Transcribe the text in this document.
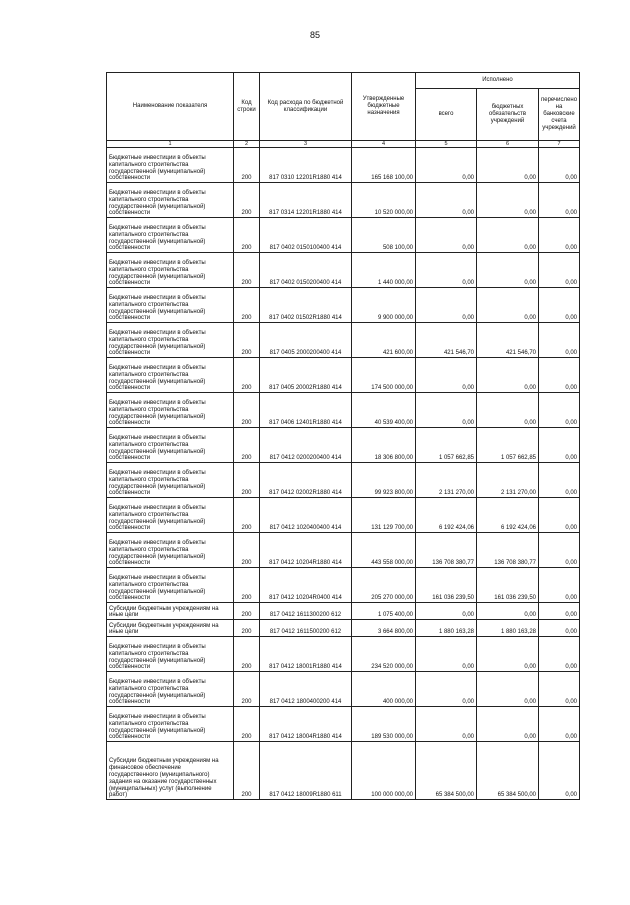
85
Наименование показателя	Код строки	Код расхода по бюджетной классификации	Утвержденные бюджетные назначения	Исполнено		
				всего	бюджетных обязательств учреждений	перечислено на банковские счета учреждений
1	2	3	4	5	6	7
Бюджетные инвестиции в объекты капитального строительства государственной (муниципальной) собственности	200	817 0310 12201R1880 414	165 168 100,00	0,00	0,00	0,00
Бюджетные инвестиции в объекты капитального строительства государственной (муниципальной) собственности	200	817 0314 12201R1880 414	10 520 000,00	0,00	0,00	0,00
Бюджетные инвестиции в объекты капитального строительства государственной (муниципальной) собственности	200	817 0402 0150100400 414	508 100,00	0,00	0,00	0,00
Бюджетные инвестиции в объекты капитального строительства государственной (муниципальной) собственности	200	817 0402 0150200400 414	1 440 000,00	0,00	0,00	0,00
Бюджетные инвестиции в объекты капитального строительства государственной (муниципальной) собственности	200	817 0402 01502R1880 414	9 900 000,00	0,00	0,00	0,00
Бюджетные инвестиции в объекты капитального строительства государственной (муниципальной) собственности	200	817 0405 2000200400 414	421 600,00	421 546,70	421 546,70	0,00
Бюджетные инвестиции в объекты капитального строительства государственной (муниципальной) собственности	200	817 0405 20002R1880 414	174 500 000,00	0,00	0,00	0,00
Бюджетные инвестиции в объекты капитального строительства государственной (муниципальной) собственности	200	817 0406 12401R1880 414	40 539 400,00	0,00	0,00	0,00
Бюджетные инвестиции в объекты капитального строительства государственной (муниципальной) собственности	200	817 0412 0200200400 414	18 306 800,00	1 057 662,85	1 057 662,85	0,00
Бюджетные инвестиции в объекты капитального строительства государственной (муниципальной) собственности	200	817 0412 02002R1880 414	99 923 800,00	2 131 270,00	2 131 270,00	0,00
Бюджетные инвестиции в объекты капитального строительства государственной (муниципальной) собственности	200	817 0412 1020400400 414	131 129 700,00	6 192 424,06	6 192 424,06	0,00
Бюджетные инвестиции в объекты капитального строительства государственной (муниципальной) собственности	200	817 0412 10204R1880 414	443 558 000,00	136 708 380,77	136 708 380,77	0,00
Бюджетные инвестиции в объекты капитального строительства государственной (муниципальной) собственности	200	817 0412 10204R0400 414	205 270 000,00	161 036 239,50	161 036 239,50	0,00
Субсидии бюджетным учреждениям на иные цели	200	817 0412 1611300200 612	1 075 400,00	0,00	0,00	0,00
Субсидии бюджетным учреждениям на иные цели	200	817 0412 1611500200 612	3 664 800,00	1 880 163,28	1 880 163,28	0,00
Бюджетные инвестиции в объекты капитального строительства государственной (муниципальной) собственности	200	817 0412 18001R1880 414	234 520 000,00	0,00	0,00	0,00
Бюджетные инвестиции в объекты капитального строительства государственной (муниципальной) собственности	200	817 0412 1800400200 414	400 000,00	0,00	0,00	0,00
Бюджетные инвестиции в объекты капитального строительства государственной (муниципальной) собственности	200	817 0412 18004R1880 414	189 530 000,00	0,00	0,00	0,00
Субсидии бюджетным учреждениям на финансовое обеспечение государственного (муниципального) задания на оказание государственных (муниципальных) услуг (выполнение работ)	200	817 0412 18009R1880 611	100 000 000,00	65 384 500,00	65 384 500,00	0,00
